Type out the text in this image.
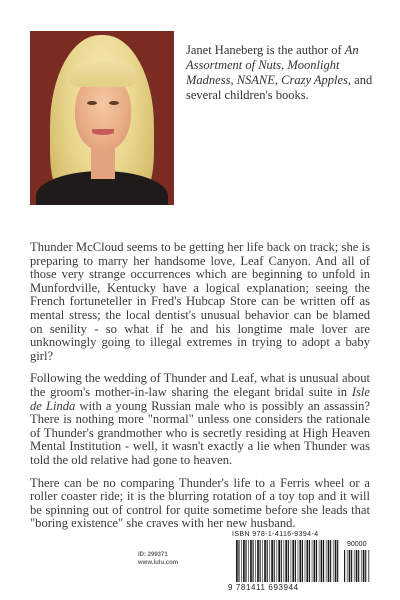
Janet Haneberg is the author of An Assortment of Nuts, Moonlight Madness, NSANE, Crazy Apples, and several children's books.

Thunder McCloud seems to be getting her life back on track; she is preparing to marry her handsome love, Leaf Canyon. And all of those very strange occurrences which are beginning to unfold in Munfordville, Kentucky have a logical explanation; seeing the French fortuneteller in Fred's Hubcap Store can be written off as mental stress; the local dentist's unusual behavior can be blamed on senility - so what if he and his longtime male lover are unknowingly going to illegal extremes in trying to adopt a baby girl?

Following the wedding of Thunder and Leaf, what is unusual about the groom's mother-in-law sharing the elegant bridal suite in Isle de Linda with a young Russian male who is possibly an assassin? There is nothing more "normal" unless one considers the rationale of Thunder's grandmother who is secretly residing at High Heaven Mental Institution - well, it wasn't exactly a lie when Thunder was told the old relative had gone to heaven.

There can be no comparing Thunder's life to a Ferris wheel or a roller coaster ride; it is the blurring rotation of a toy top and it will be spinning out of control for quite sometime before she leads that "boring existence" she craves with her new husband.

ID: 299371
www.lulu.com
ISBN 978-1-4116-9394-4
90000
9 781411 693944
